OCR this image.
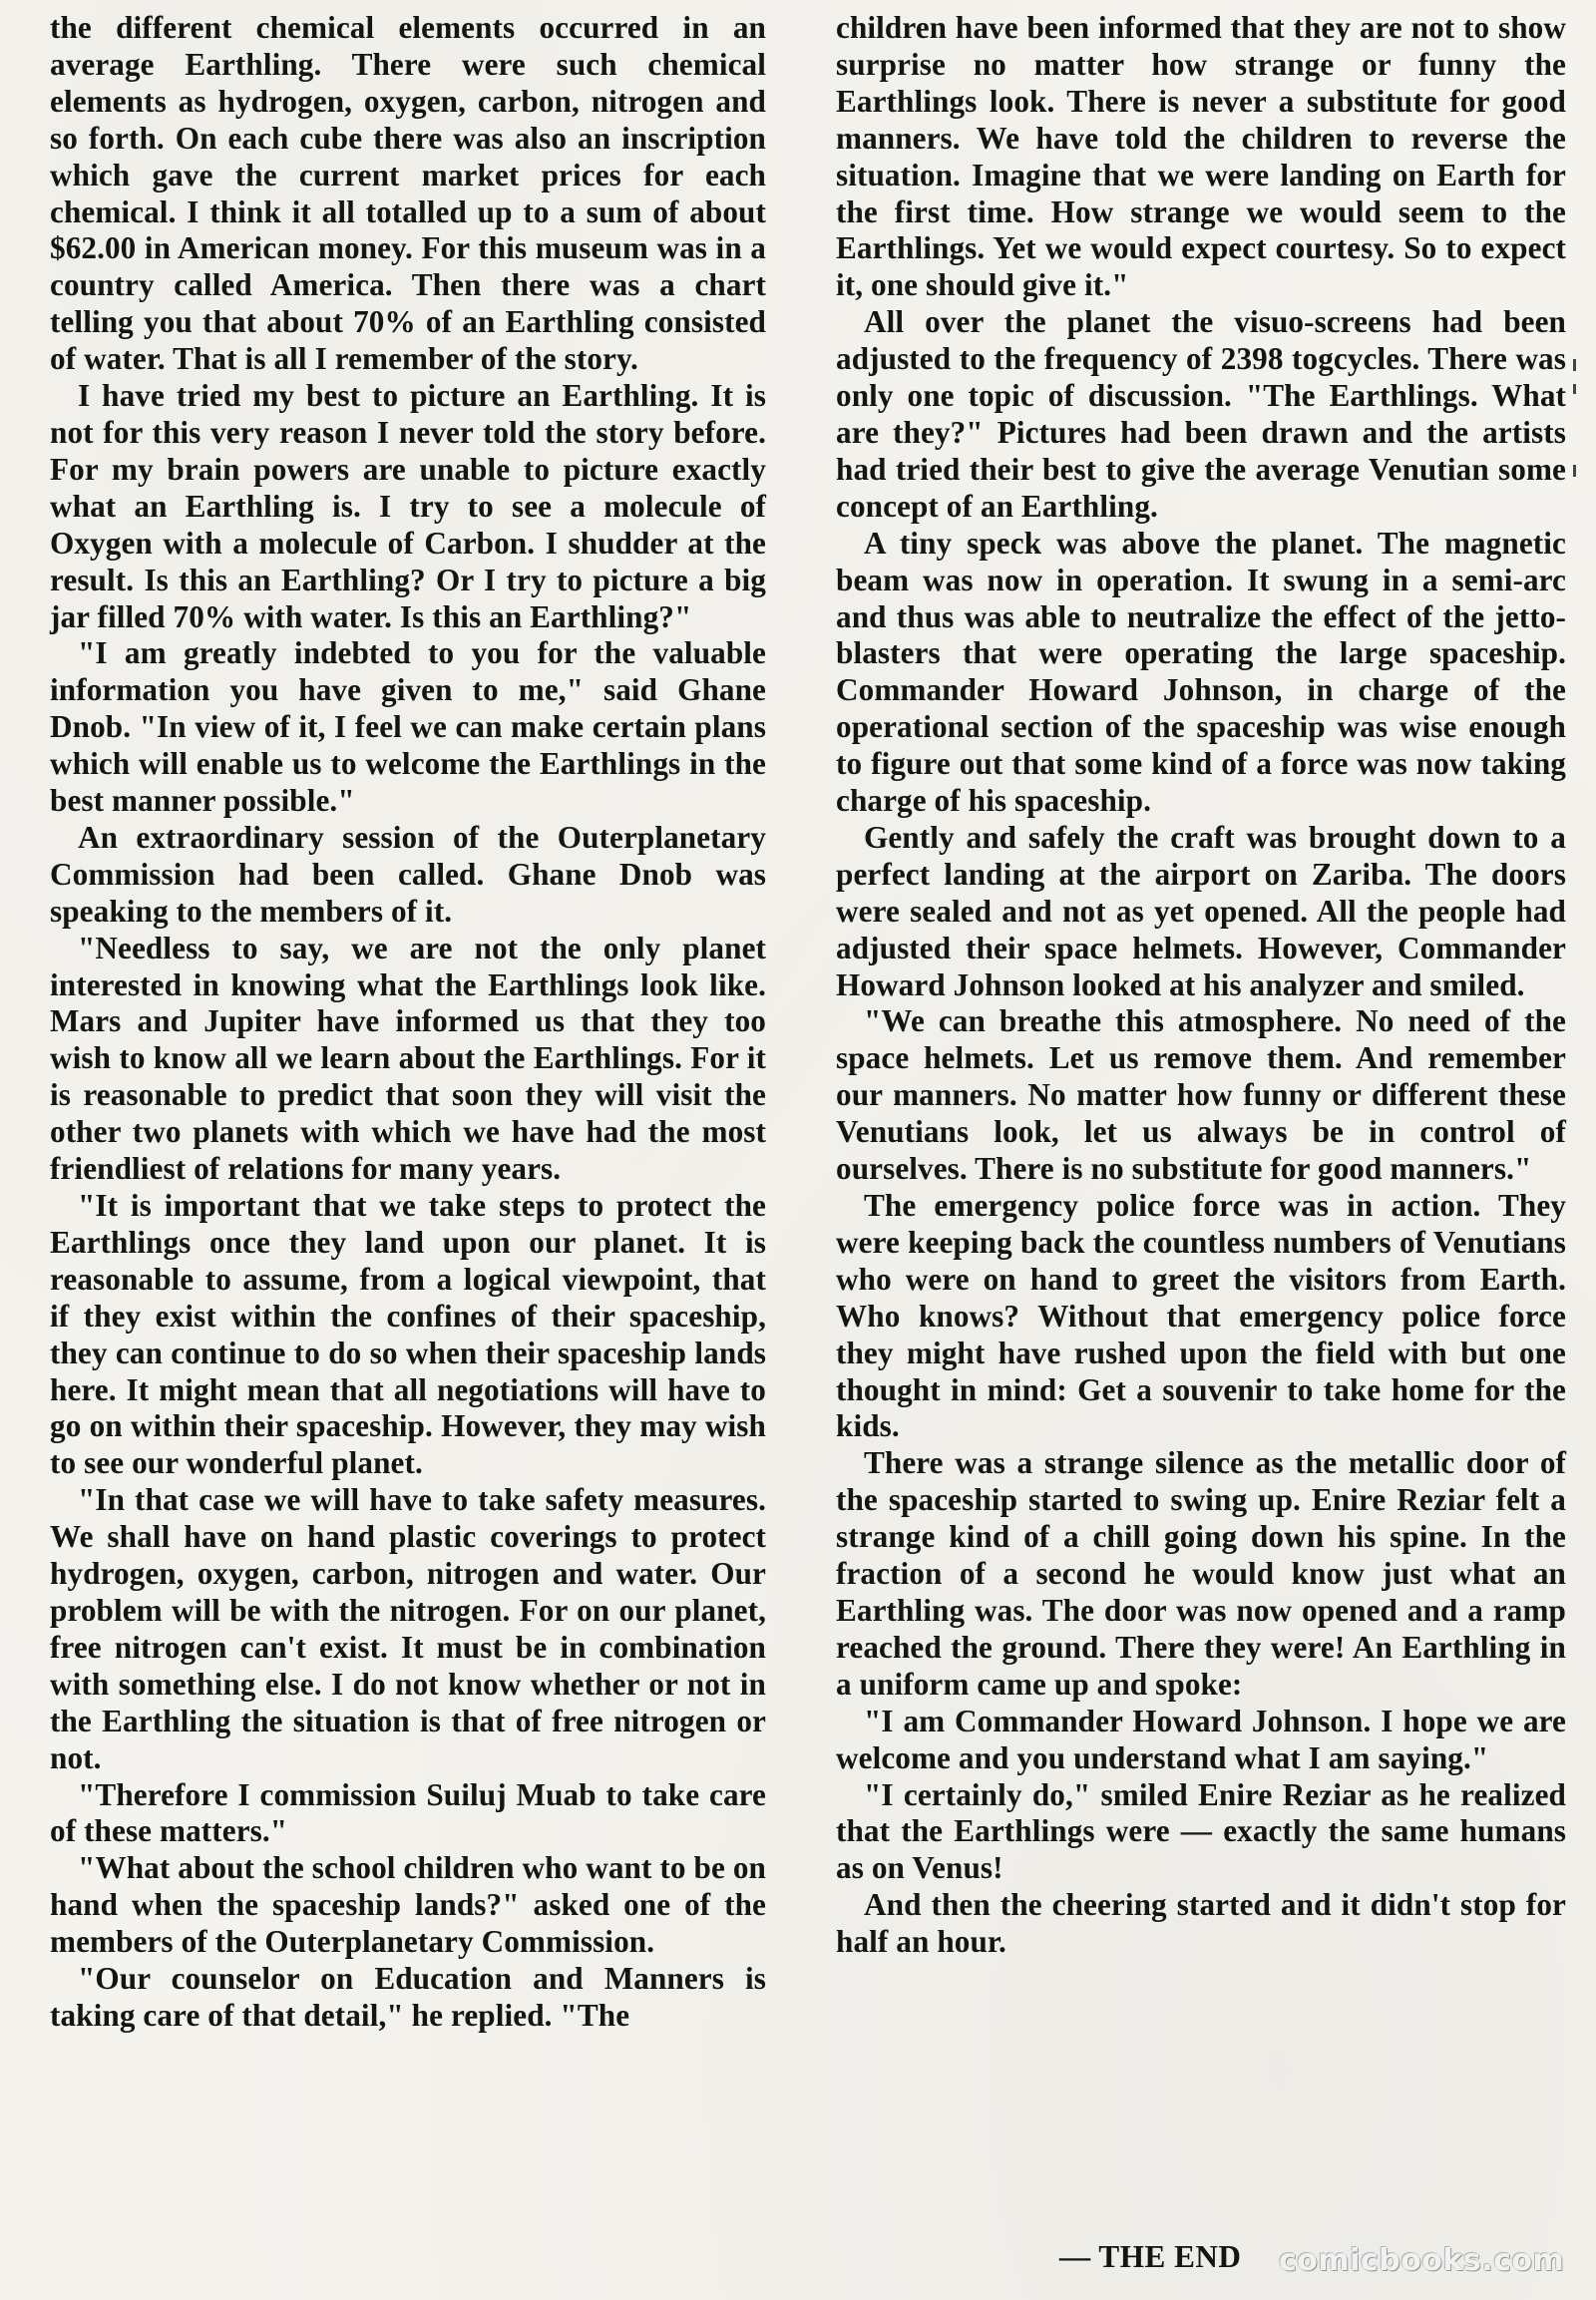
the different chemical elements occurred in an average Earthling. There were such chemical elements as hydrogen, oxygen, carbon, nitrogen and so forth. On each cube there was also an inscription which gave the current market prices for each chemical. I think it all totalled up to a sum of about $62.00 in American money. For this museum was in a country called America. Then there was a chart telling you that about 70% of an Earthling consisted of water. That is all I remember of the story.

I have tried my best to picture an Earthling. It is not for this very reason I never told the story before. For my brain powers are unable to picture exactly what an Earthling is. I try to see a molecule of Oxygen with a molecule of Carbon. I shudder at the result. Is this an Earthling? Or I try to picture a big jar filled 70% with water. Is this an Earthling?"

"I am greatly indebted to you for the valuable information you have given to me," said Ghane Dnob. "In view of it, I feel we can make certain plans which will enable us to welcome the Earthlings in the best manner possible."

An extraordinary session of the Outerplanetary Commission had been called. Ghane Dnob was speaking to the members of it.

"Needless to say, we are not the only planet interested in knowing what the Earthlings look like. Mars and Jupiter have informed us that they too wish to know all we learn about the Earthlings. For it is reasonable to predict that soon they will visit the other two planets with which we have had the most friendliest of relations for many years.

"It is important that we take steps to protect the Earthlings once they land upon our planet. It is reasonable to assume, from a logical viewpoint, that if they exist within the confines of their spaceship, they can continue to do so when their spaceship lands here. It might mean that all negotiations will have to go on within their spaceship. However, they may wish to see our wonderful planet.

"In that case we will have to take safety measures. We shall have on hand plastic coverings to protect hydrogen, oxygen, carbon, nitrogen and water. Our problem will be with the nitrogen. For on our planet, free nitrogen can't exist. It must be in combination with something else. I do not know whether or not in the Earthling the situation is that of free nitrogen or not.

"Therefore I commission Suiluj Muab to take care of these matters."

"What about the school children who want to be on hand when the spaceship lands?" asked one of the members of the Outerplanetary Commission.

"Our counselor on Education and Manners is taking care of that detail," he replied. "The

children have been informed that they are not to show surprise no matter how strange or funny the Earthlings look. There is never a substitute for good manners. We have told the children to reverse the situation. Imagine that we were landing on Earth for the first time. How strange we would seem to the Earthlings. Yet we would expect courtesy. So to expect it, one should give it."

All over the planet the visuo-screens had been adjusted to the frequency of 2398 togcycles. There was only one topic of discussion. "The Earthlings. What are they?" Pictures had been drawn and the artists had tried their best to give the average Venutian some concept of an Earthling.

A tiny speck was above the planet. The magnetic beam was now in operation. It swung in a semi-arc and thus was able to neutralize the effect of the jetto-blasters that were operating the large spaceship. Commander Howard Johnson, in charge of the operational section of the spaceship was wise enough to figure out that some kind of a force was now taking charge of his spaceship.

Gently and safely the craft was brought down to a perfect landing at the airport on Zariba. The doors were sealed and not as yet opened. All the people had adjusted their space helmets. However, Commander Howard Johnson looked at his analyzer and smiled.

"We can breathe this atmosphere. No need of the space helmets. Let us remove them. And remember our manners. No matter how funny or different these Venutians look, let us always be in control of ourselves. There is no substitute for good manners."

The emergency police force was in action. They were keeping back the countless numbers of Venutians who were on hand to greet the visitors from Earth. Who knows? Without that emergency police force they might have rushed upon the field with but one thought in mind: Get a souvenir to take home for the kids.

There was a strange silence as the metallic door of the spaceship started to swing up. Enire Reziar felt a strange kind of a chill going down his spine. In the fraction of a second he would know just what an Earthling was. The door was now opened and a ramp reached the ground. There they were! An Earthling in a uniform came up and spoke:

"I am Commander Howard Johnson. I hope we are welcome and you understand what I am saying."

"I certainly do," smiled Enire Reziar as he realized that the Earthlings were — exactly the same humans as on Venus!

And then the cheering started and it didn't stop for half an hour.

— THE END comicbooks.com
